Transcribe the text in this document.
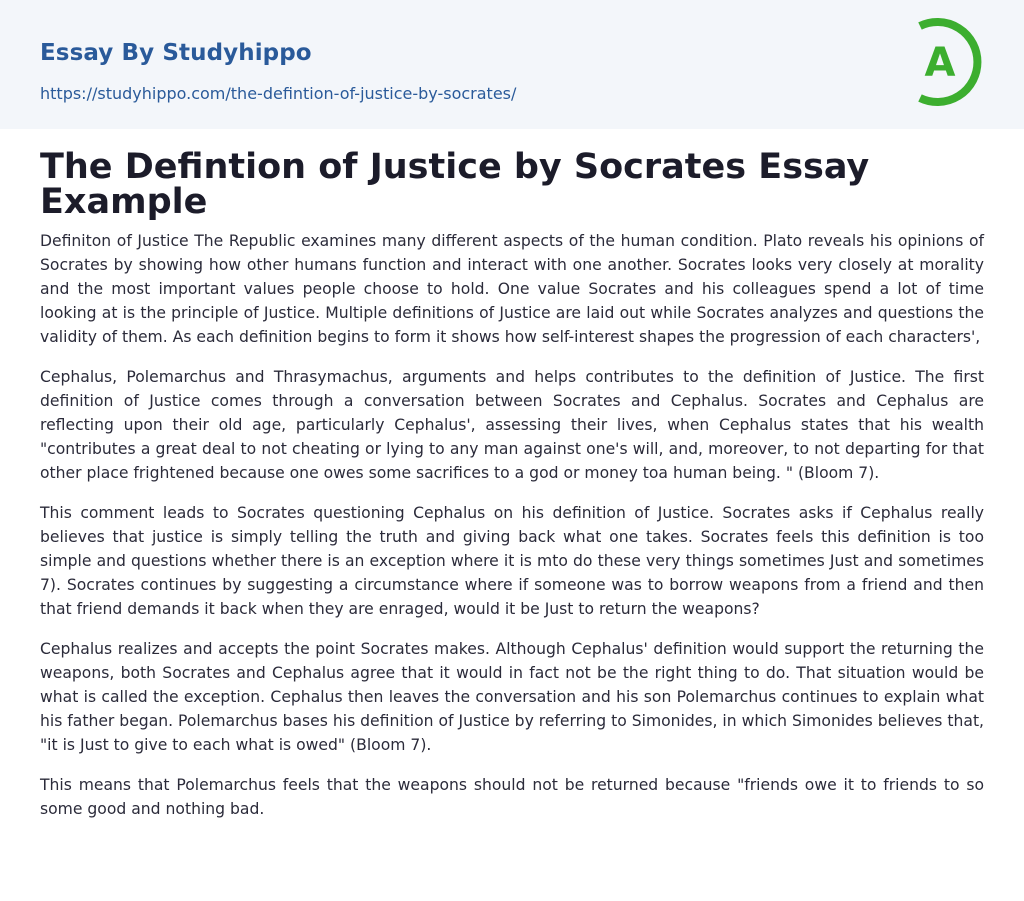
Essay By Studyhippo
https://studyhippo.com/the-defintion-of-justice-by-socrates/
A
The Defintion of Justice by Socrates Essay Example

Definiton of Justice The Republic examines many different aspects of the human condition. Plato reveals his opinions of Socrates by showing how other humans function and interact with one another. Socrates looks very closely at morality and the most important values people choose to hold. One value Socrates and his colleagues spend a lot of time looking at is the principle of Justice. Multiple definitions of Justice are laid out while Socrates analyzes and questions the validity of them. As each definition begins to form it shows how self-interest shapes the progression of each characters',

Cephalus, Polemarchus and Thrasymachus, arguments and helps contributes to the definition of Justice. The first definition of Justice comes through a conversation between Socrates and Cephalus. Socrates and Cephalus are reflecting upon their old age, particularly Cephalus', assessing their lives, when Cephalus states that his wealth "contributes a great deal to not cheating or lying to any man against one's will, and, moreover, to not departing for that other place frightened because one owes some sacrifices to a god or money toa human being. " (Bloom 7).

This comment leads to Socrates questioning Cephalus on his definition of Justice. Socrates asks if Cephalus really believes that justice is simply telling the truth and giving back what one takes. Socrates feels this definition is too simple and questions whether there is an exception where it is mto do these very things sometimes Just and sometimes 7). Socrates continues by suggesting a circumstance where if someone was to borrow weapons from a friend and then that friend demands it back when they are enraged, would it be Just to return the weapons?

Cephalus realizes and accepts the point Socrates makes. Although Cephalus' definition would support the returning the weapons, both Socrates and Cephalus agree that it would in fact not be the right thing to do. That situation would be what is called the exception. Cephalus then leaves the conversation and his son Polemarchus continues to explain what his father began. Polemarchus bases his definition of Justice by referring to Simonides, in which Simonides believes that, "it is Just to give to each what is owed" (Bloom 7).

This means that Polemarchus feels that the weapons should not be returned because "friends owe it to friends to so some good and nothing bad.
